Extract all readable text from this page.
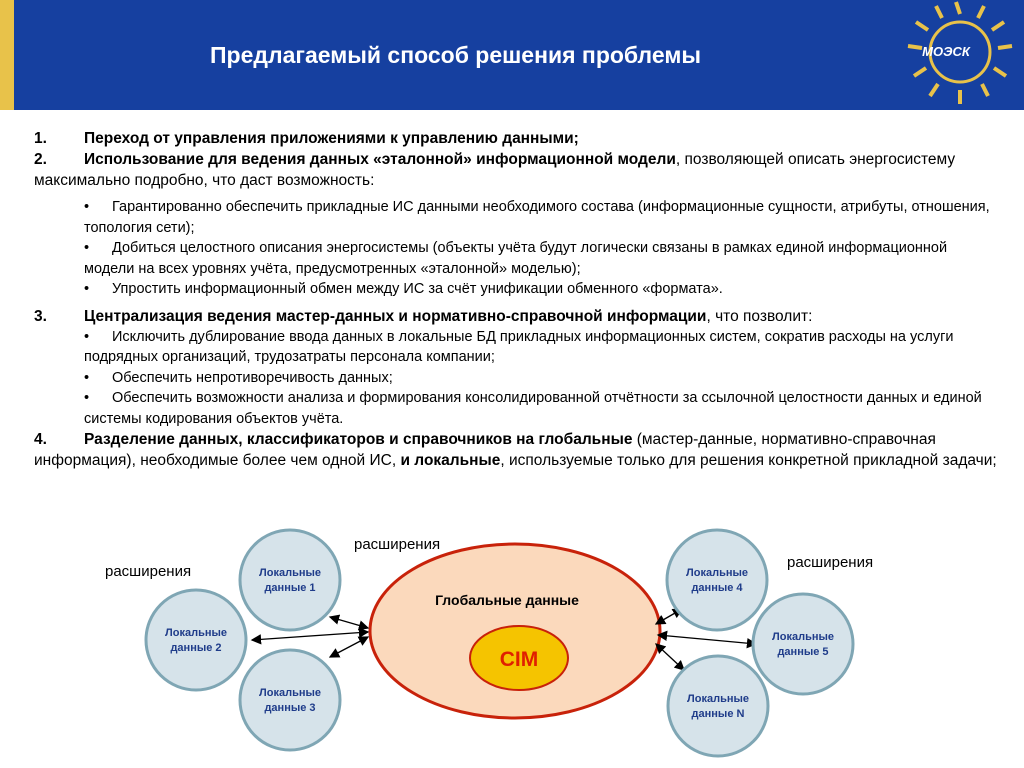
Предлагаемый способ решения проблемы	МОЭСК

1. Переход от управления приложениями к управлению данными;

2. Использование для ведения данных «эталонной» информационной модели, позволяющей описать энергосистему максимально подробно, что даст возможность:

• Гарантированно обеспечить прикладные ИС данными необходимого состава (информационные сущности, атрибуты, отношения, топология сети);

• Добиться целостного описания энергосистемы (объекты учёта будут логически связаны в рамках единой информационной модели на всех уровнях учёта, предусмотренных «эталонной» моделью);

• Упростить информационный обмен между ИС за счёт унификации обменного «формата».

3. Централизация ведения мастер-данных и нормативно-справочной информации, что позволит:

• Исключить дублирование ввода данных в локальные БД прикладных информационных систем, сократив расходы на услуги подрядных организаций, трудозатраты персонала компании;

• Обеспечить непротиворечивость данных;

• Обеспечить возможности анализа и формирования консолидированной отчётности за ссылочной целостности данных и единой системы кодирования объектов учёта.

4. Разделение данных, классификаторов и справочников на глобальные (мастер-данные, нормативно-справочная информация), необходимые более чем одной ИС, и локальные, используемые только для решения конкретной прикладной задачи;

расширения
расширения
расширения
Глобальные данные
CIM
Локальные
данные 1
Локальные
данные 2
Локальные
данные 3
Локальные
данные 4
Локальные
данные 5
Локальные
данные N
